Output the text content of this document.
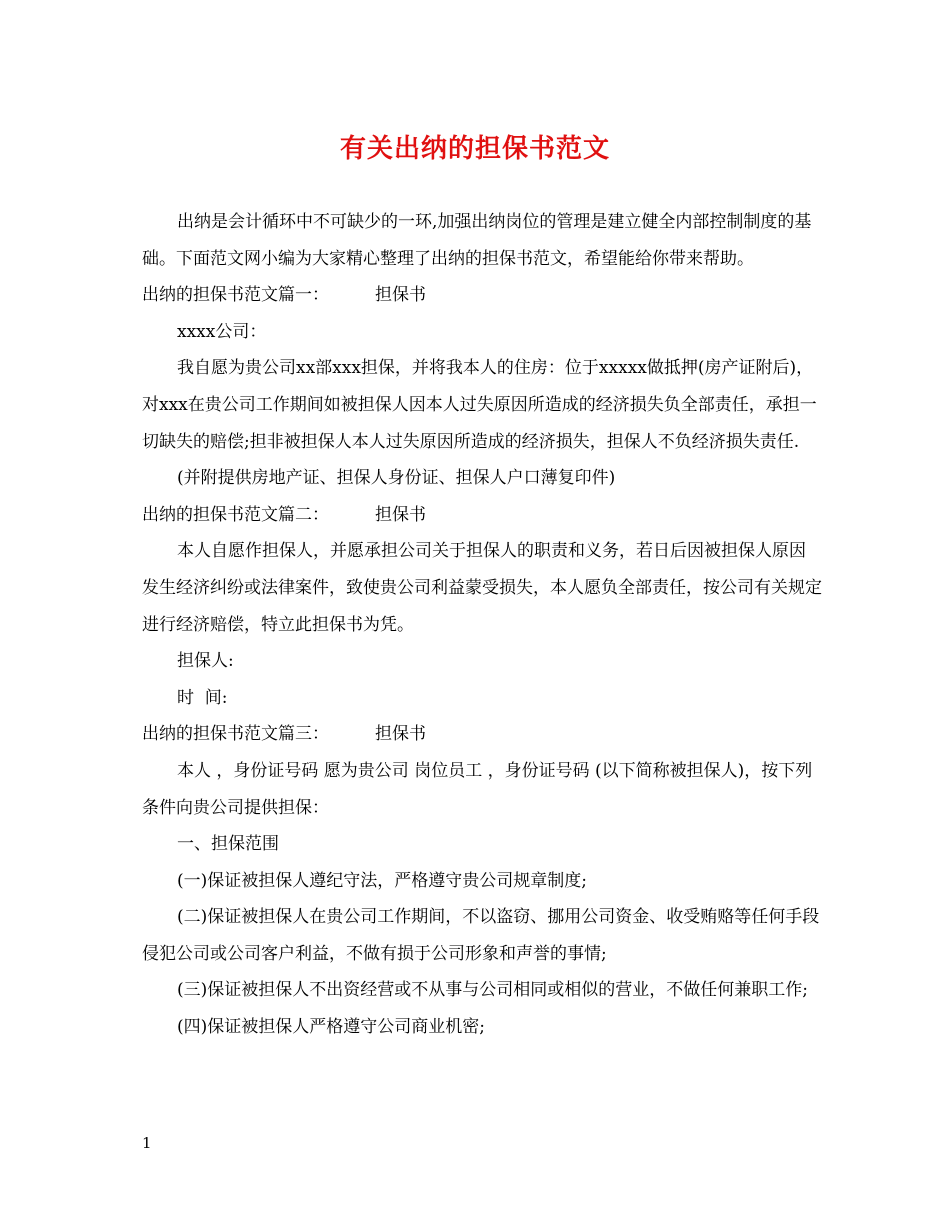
有关出纳的担保书范文

出纳是会计循环中不可缺少的一环,加强出纳岗位的管理是建立健全内部控制制度的基础。下面范文网小编为大家精心整理了出纳的担保书范文，希望能给你带来帮助。

出纳的担保书范文篇一：	担保书

xxxx公司：

我自愿为贵公司xx部xxx担保，并将我本人的住房：位于xxxxx做抵押(房产证附后)，对xxx在贵公司工作期间如被担保人因本人过失原因所造成的经济损失负全部责任，承担一切缺失的赔偿;担非被担保人本人过失原因所造成的经济损失，担保人不负经济损失责任.

(并附提供房地产证、担保人身份证、担保人户口薄复印件)

出纳的担保书范文篇二：	担保书

本人自愿作担保人，并愿承担公司关于担保人的职责和义务，若日后因被担保人原因发生经济纠纷或法律案件，致使贵公司利益蒙受损失，本人愿负全部责任，按公司有关规定进行经济赔偿，特立此担保书为凭。

担保人:

时  间:

出纳的担保书范文篇三：	担保书

本人 ，身份证号码 愿为贵公司 岗位员工 ，身份证号码 (以下简称被担保人)，按下列条件向贵公司提供担保：

一、担保范围

(一)保证被担保人遵纪守法，严格遵守贵公司规章制度;

(二)保证被担保人在贵公司工作期间，不以盗窃、挪用公司资金、收受贿赂等任何手段侵犯公司或公司客户利益，不做有损于公司形象和声誉的事情;

(三)保证被担保人不出资经营或不从事与公司相同或相似的营业，不做任何兼职工作;

(四)保证被担保人严格遵守公司商业机密;

1
